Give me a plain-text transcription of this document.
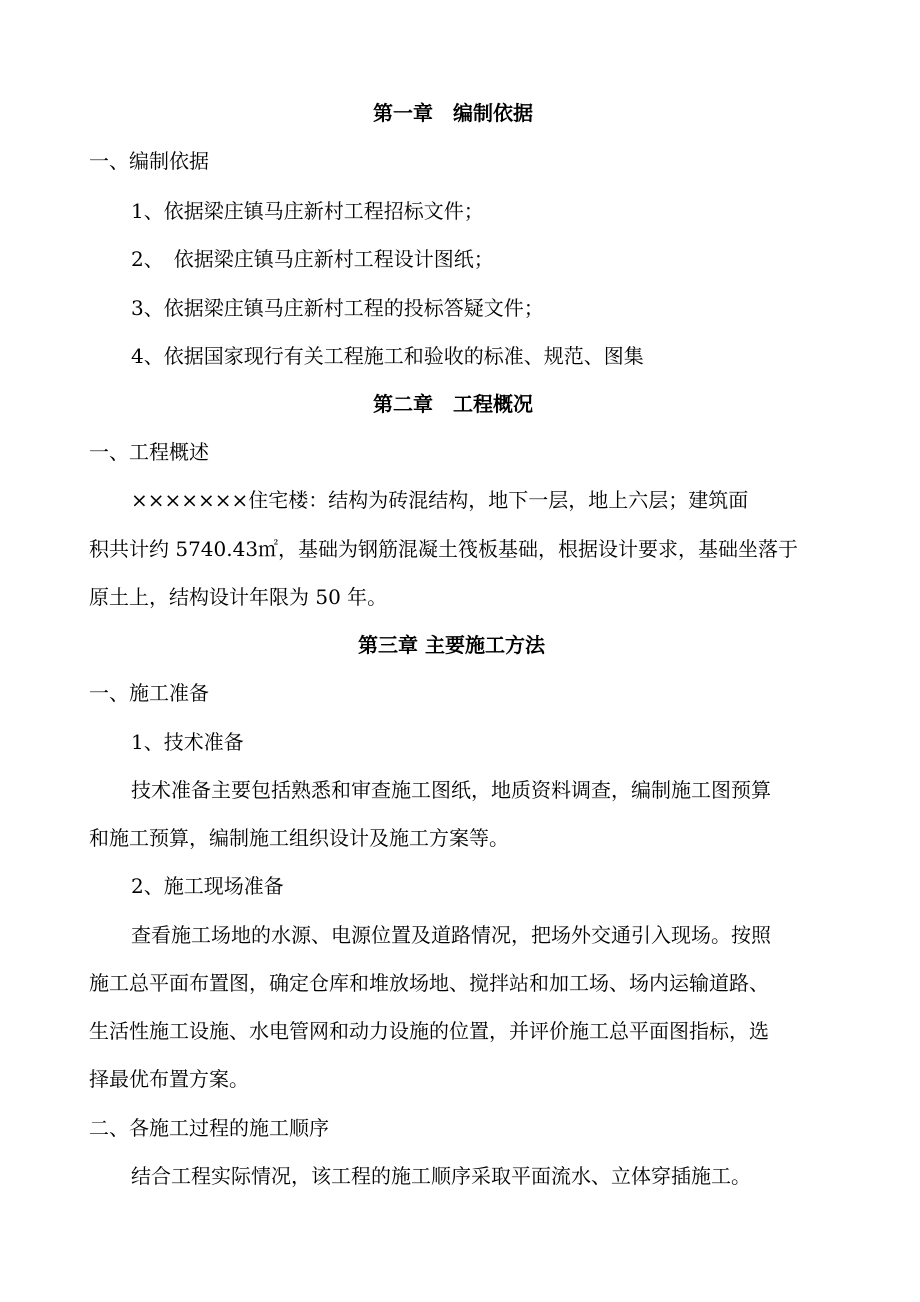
第一章　编制依据

一、编制依据

1、依据梁庄镇马庄新村工程招标文件；

2、　依据梁庄镇马庄新村工程设计图纸；

3、依据梁庄镇马庄新村工程的投标答疑文件；

4、依据国家现行有关工程施工和验收的标准、规范、图集

第二章　工程概况

一、工程概述

×××××××住宅楼：结构为砖混结构，地下一层，地上六层；建筑面

积共计约 5740.43㎡，基础为钢筋混凝土筏板基础，根据设计要求，基础坐落于

原土上，结构设计年限为 50 年。

第三章 主要施工方法

一、施工准备

1、技术准备

技术准备主要包括熟悉和审查施工图纸，地质资料调查，编制施工图预算

和施工预算，编制施工组织设计及施工方案等。

2、施工现场准备

查看施工场地的水源、电源位置及道路情况，把场外交通引入现场。按照

施工总平面布置图，确定仓库和堆放场地、搅拌站和加工场、场内运输道路、

生活性施工设施、水电管网和动力设施的位置，并评价施工总平面图指标，选

择最优布置方案。

二、各施工过程的施工顺序

结合工程实际情况，该工程的施工顺序采取平面流水、立体穿插施工。
